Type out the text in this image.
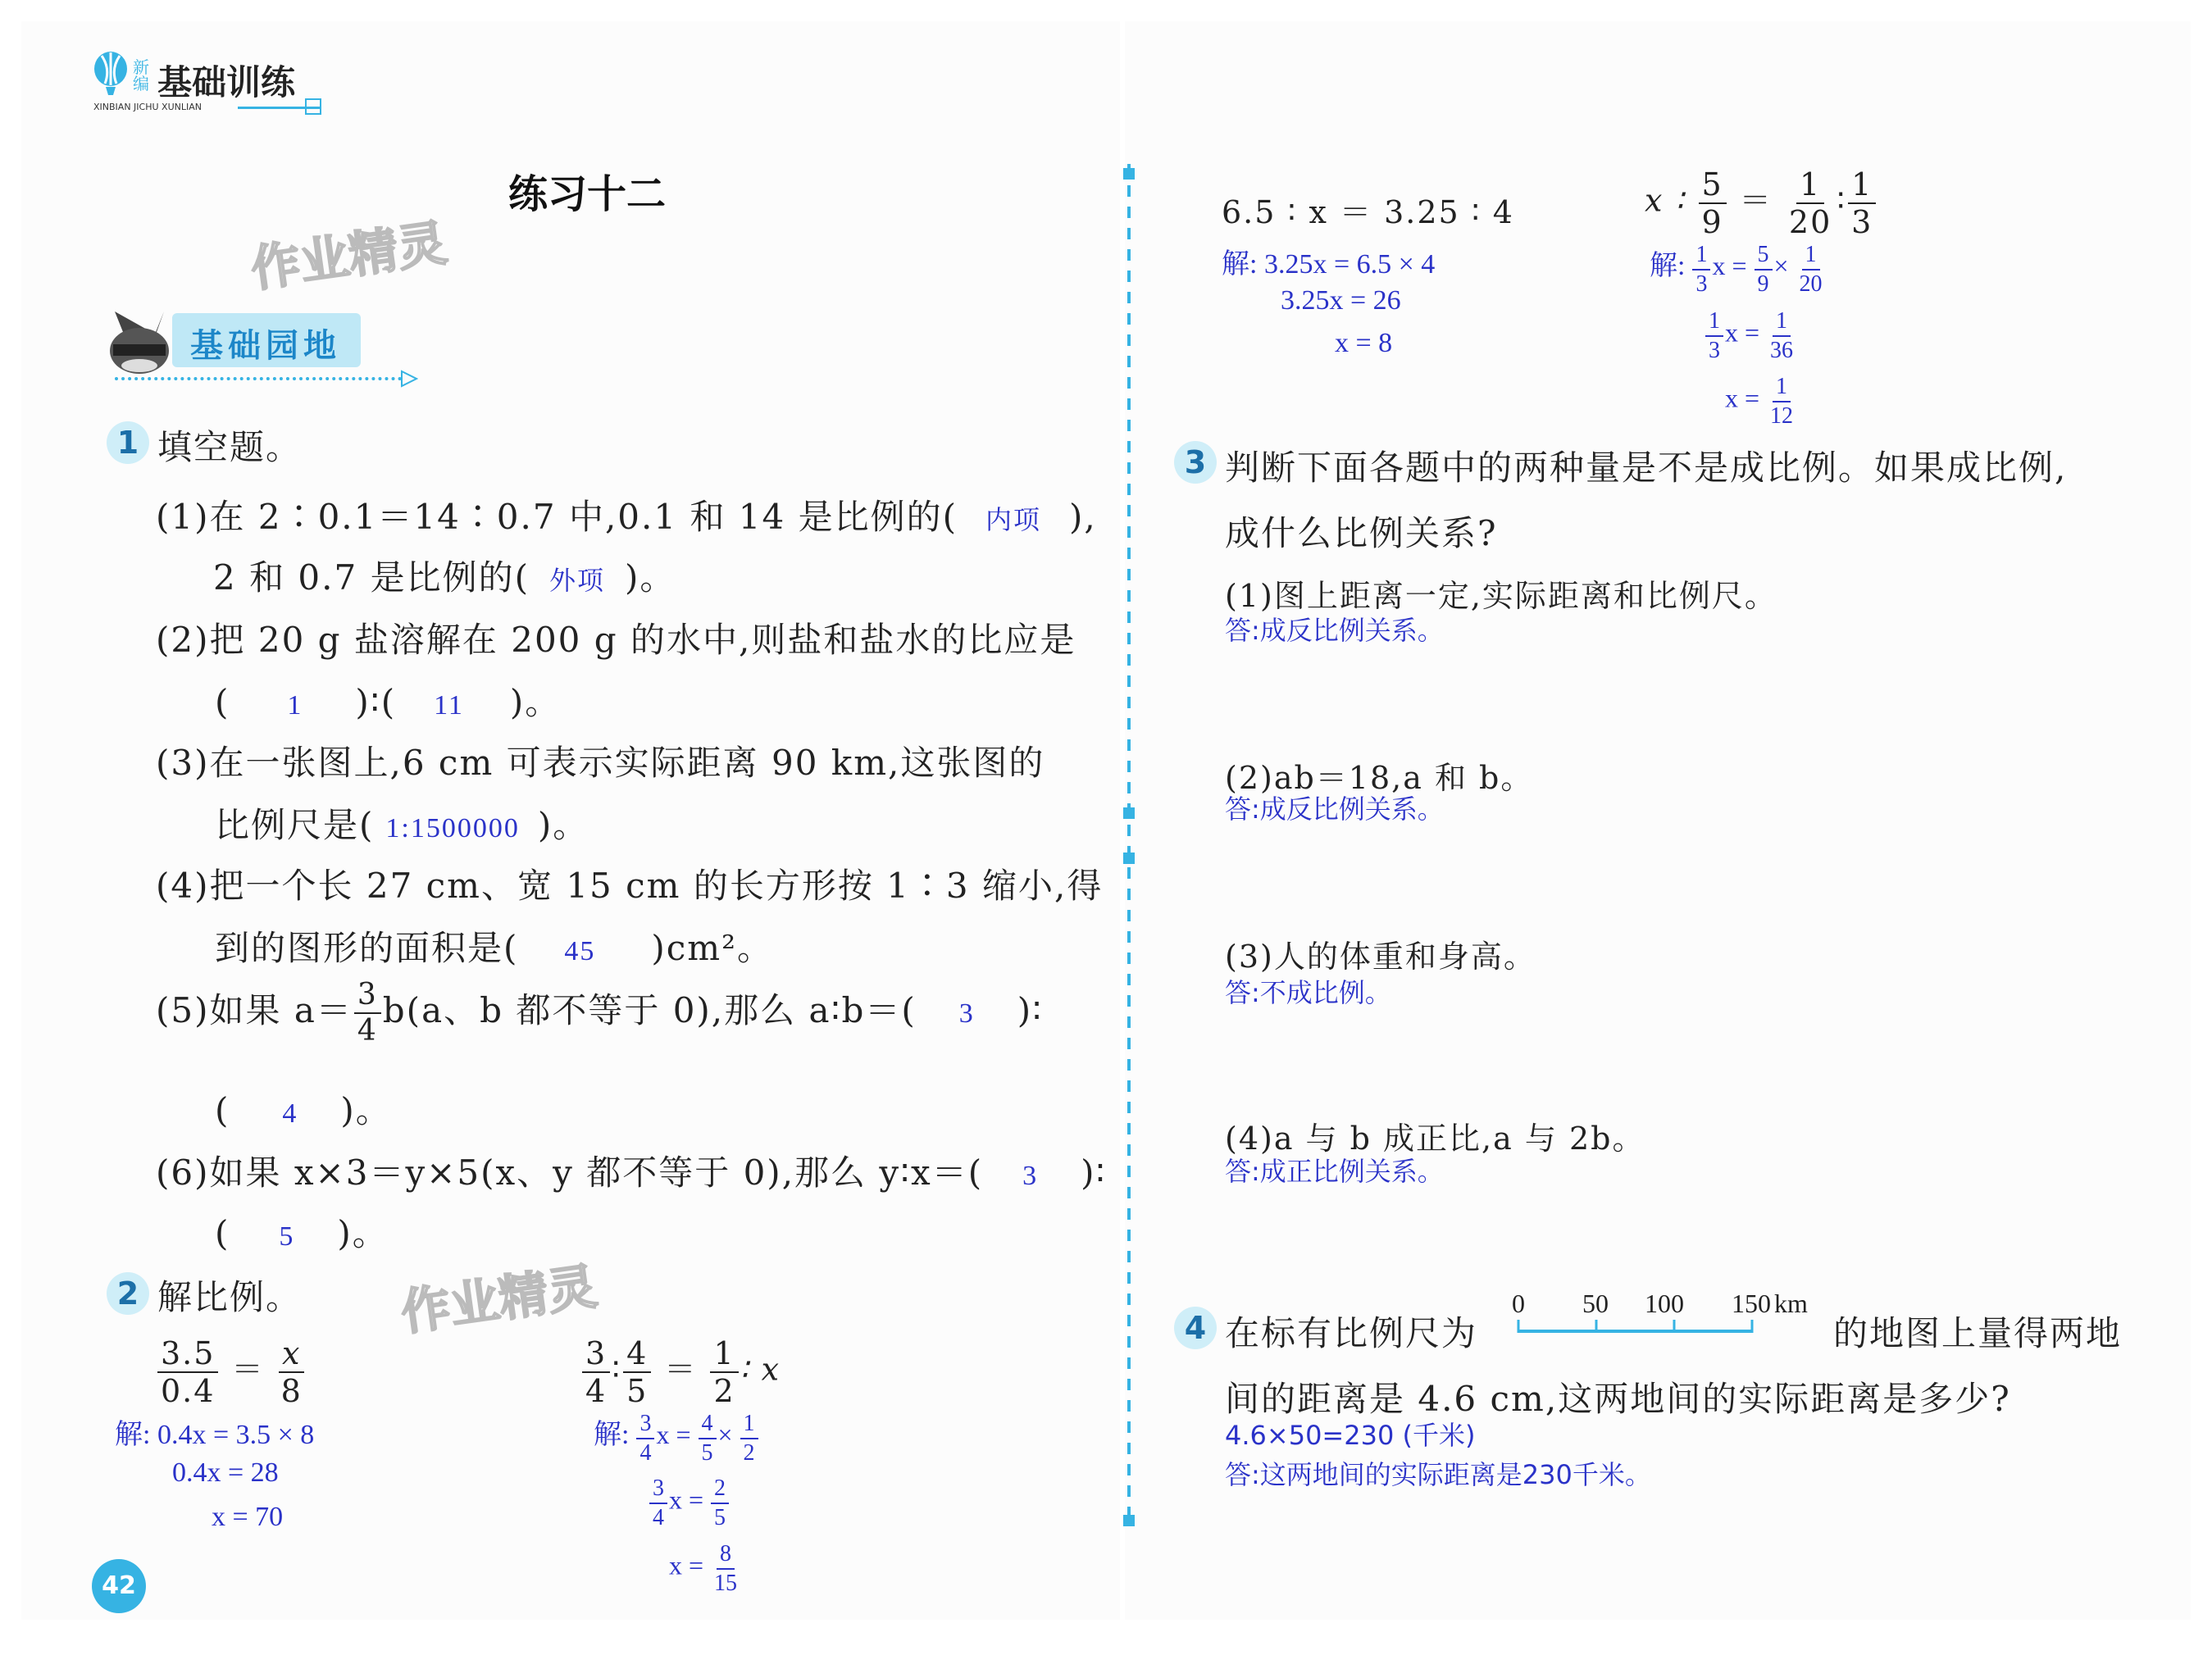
新编 基础训练
XINBIAN JICHU XUNLIAN
练习十二
作业精灵
作业精灵
基础园地
1 填空题。
(1)在 2∶0.1＝14∶0.7 中,0.1 和 14 是比例的( 内项 ),
2 和 0.7 是比例的( 外项 )。
(2)把 20 g 盐溶解在 200 g 的水中,则盐和盐水的比应是
( 1 )∶( 11 )。
(3)在一张图上,6 cm 可表示实际距离 90 km,这张图的
比例尺是( 1:1500000 )。
(4)把一个长 27 cm、宽 15 cm 的长方形按 1∶3 缩小,得
到的图形的面积是( 45 )cm²。
(5)如果 $a= \frac{3}{4} b(a$、b 都不等于 0),那么 a∶b＝( 3 )∶
( 4 )。
(6)如果 x×3＝y×5(x、y 都不等于 0),那么 y∶x＝( 3 )∶
( 5 )。
2 解比例。
$\frac{3.5}{0.4} = \frac{x}{8}$
解: 0.4x = 3.5 × 8
0.4x = 28
x = 70
$\frac{3}{4}$ ∶ $\frac{4}{5} = \frac{1}{2}$ ∶ x
解: $\frac{3}{4}$ $x = \frac{4}{5} \times \frac{1}{2}$
$\frac{3}{4}$ $x = \frac{2}{5}$
$x = \frac{8}{15}$
42
6.5 ∶ x ＝ 3.25 ∶ 4
解: 3.25x = 6.5 × 4
3.25x = 26
x = 8
x ∶ $\frac{5}{9} = \frac{1}{20}$ ∶ $\frac{1}{3}$
解: $\frac{1}{3}$ $x = \frac{5}{9} \times \frac{1}{20}$
$\frac{1}{3}$ $x = \frac{1}{36}$
$x = \frac{1}{12}$
3 判断下面各题中的两种量是不是成比例。如果成比例,
成什么比例关系?
(1)图上距离一定,实际距离和比例尺。
答:成反比例关系。
(2)ab＝18,a 和 b。
答:成反比例关系。
(3)人的体重和身高。
答:不成比例。
(4)a 与 b 成正比,a 与 2b。
答:成正比例关系。
4 在标有比例尺为
0 50 100 150 km
的地图上量得两地
间的距离是 4.6 cm,这两地间的实际距离是多少?
4.6×50=230 (千米)
答:这两地间的实际距离是230千米。
